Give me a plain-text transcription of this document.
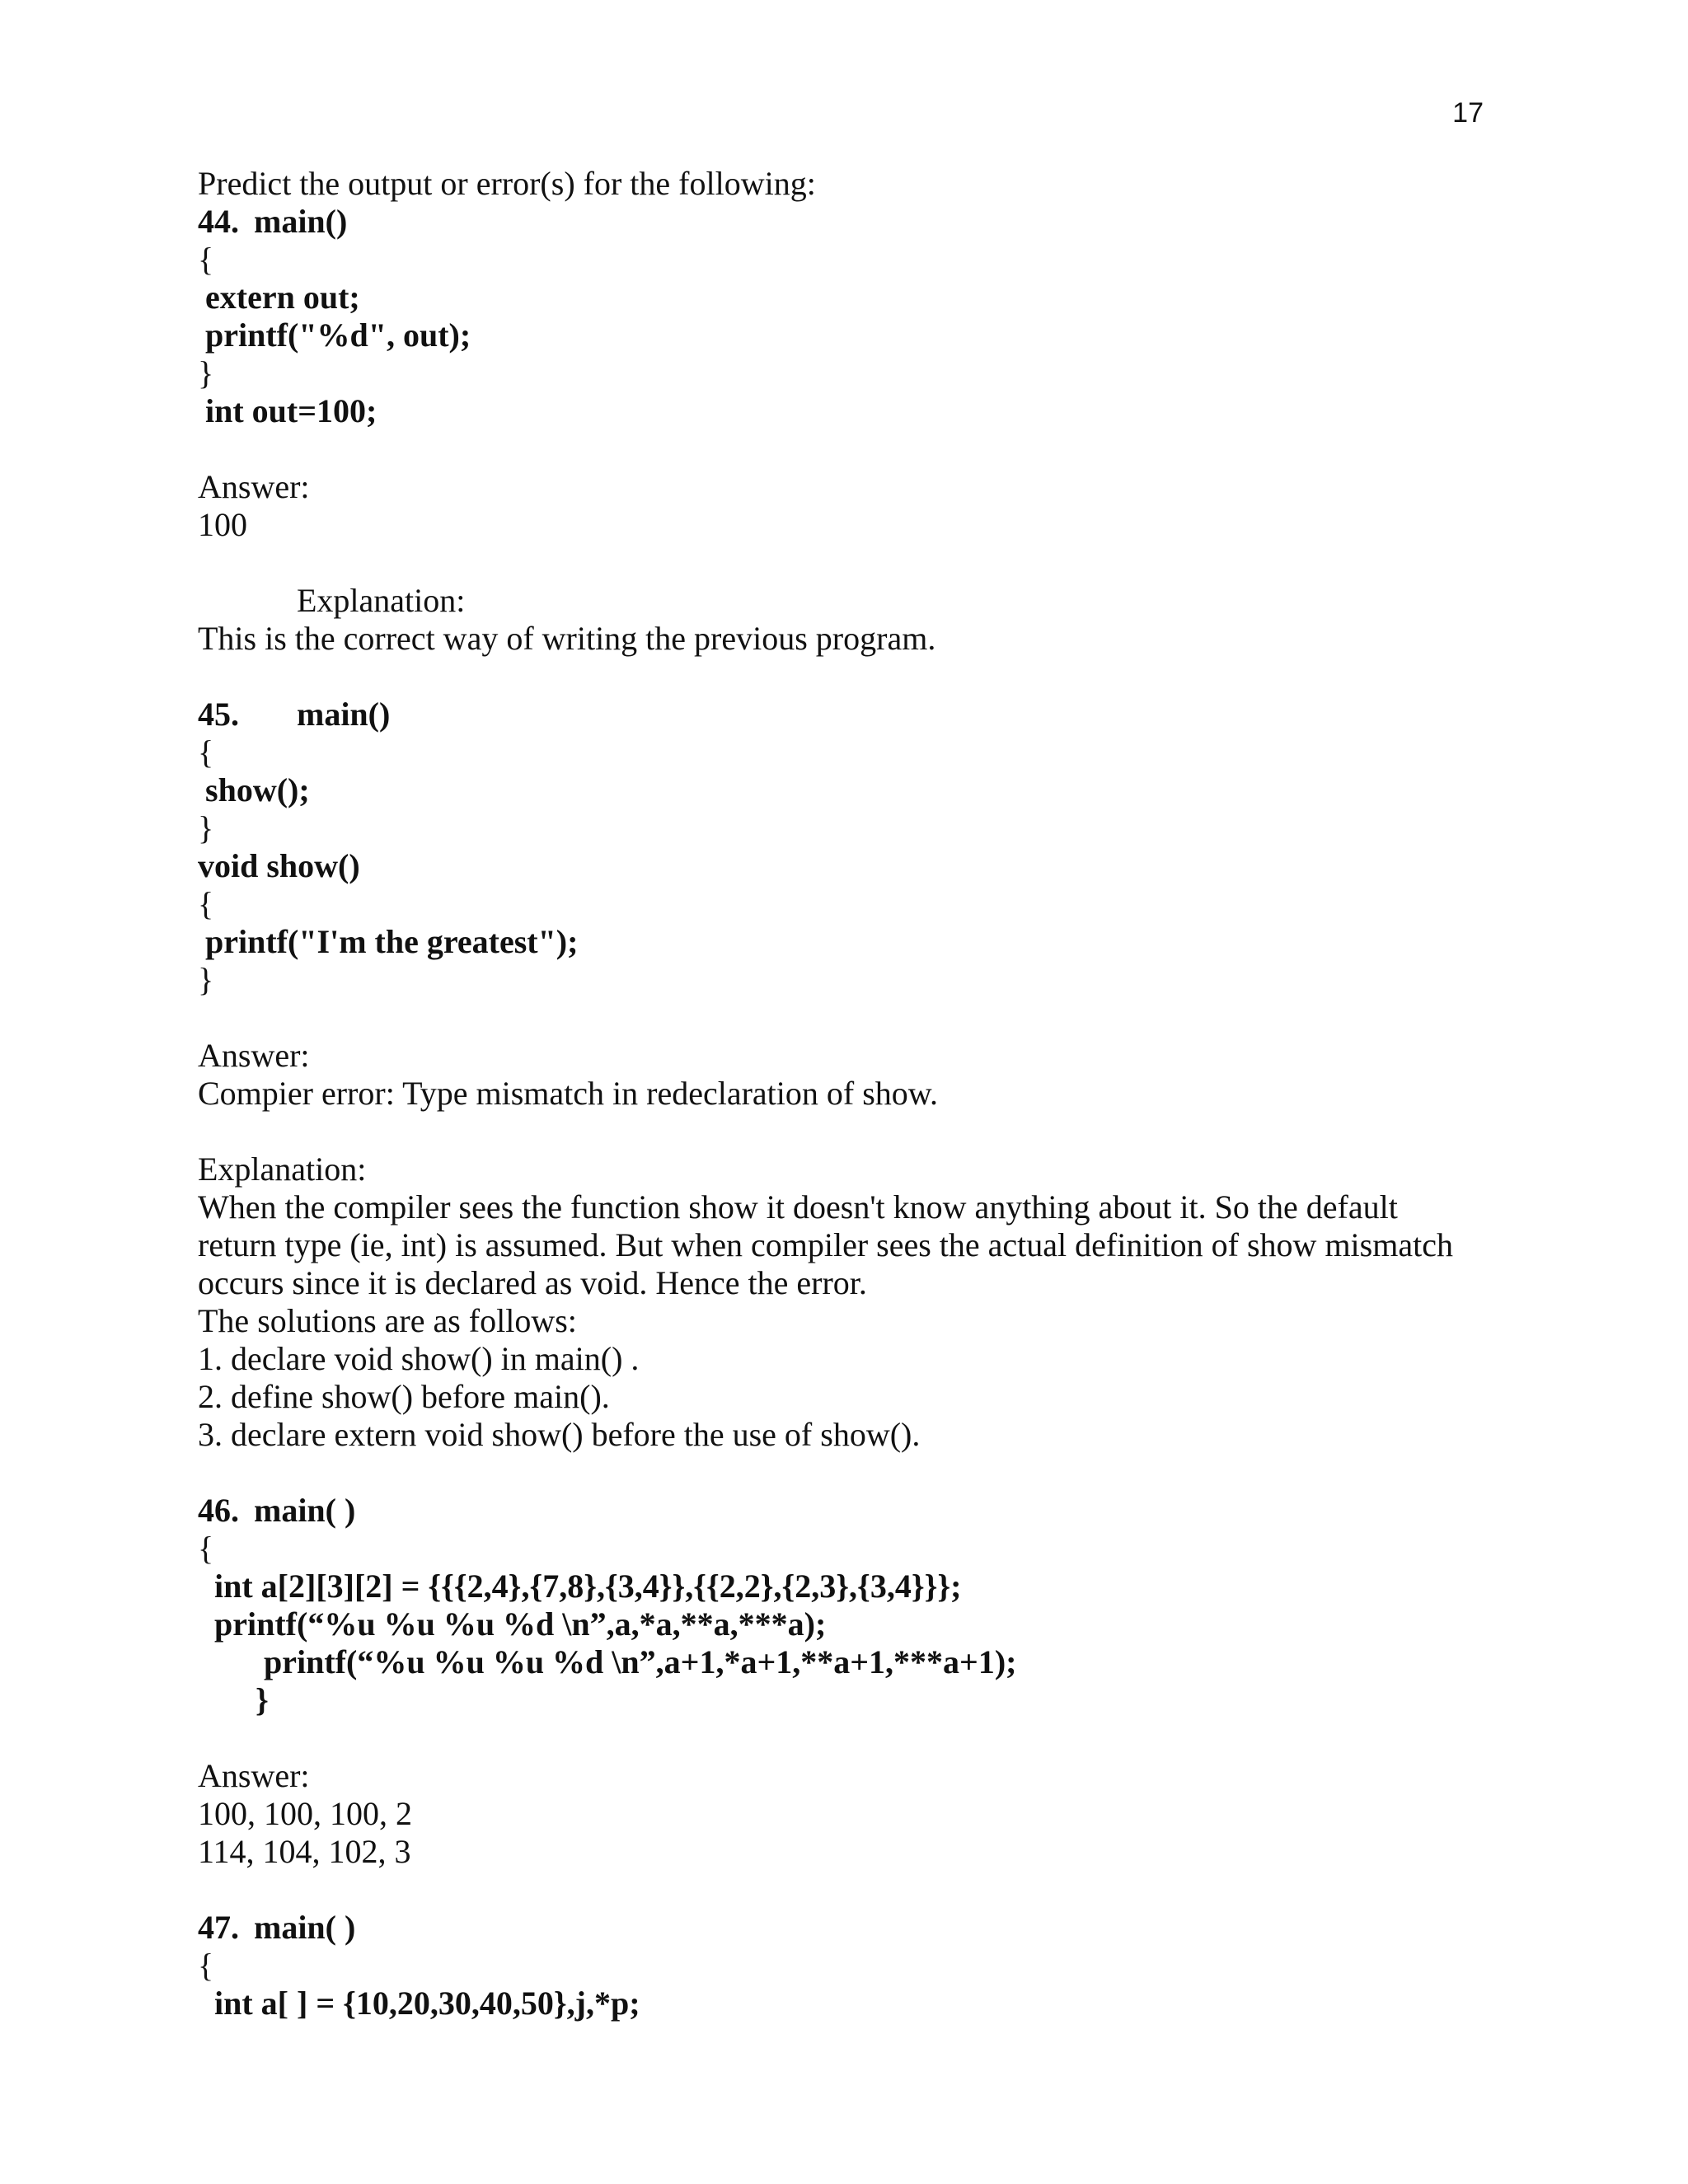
17
Predict the output or error(s) for the following:
44. main()
{
extern out;
printf("%d", out);
}
int out=100;
Answer:
100
Explanation:
This is the correct way of writing the previous program.
45. main()
{
show();
}
void show()
{
printf("I'm the greatest");
}
Answer:
Compier error: Type mismatch in redeclaration of show.
Explanation:
When the compiler sees the function show it doesn't know anything about it. So the default return type (ie, int) is assumed. But when compiler sees the actual definition of show mismatch occurs since it is declared as void. Hence the error.
The solutions are as follows:
1. declare void show() in main() .
2. define show() before main().
3. declare extern void show() before the use of show().
46. main( )
{
int a[2][3][2] = {{{2,4},{7,8},{3,4}},{{2,2},{2,3},{3,4}}};
printf(“%u %u %u %d \n”,a,*a,**a,***a);
printf(“%u %u %u %d \n”,a+1,*a+1,**a+1,***a+1);
}
Answer:
100, 100, 100, 2
114, 104, 102, 3
47. main( )
{
int a[ ] = {10,20,30,40,50},j,*p;
